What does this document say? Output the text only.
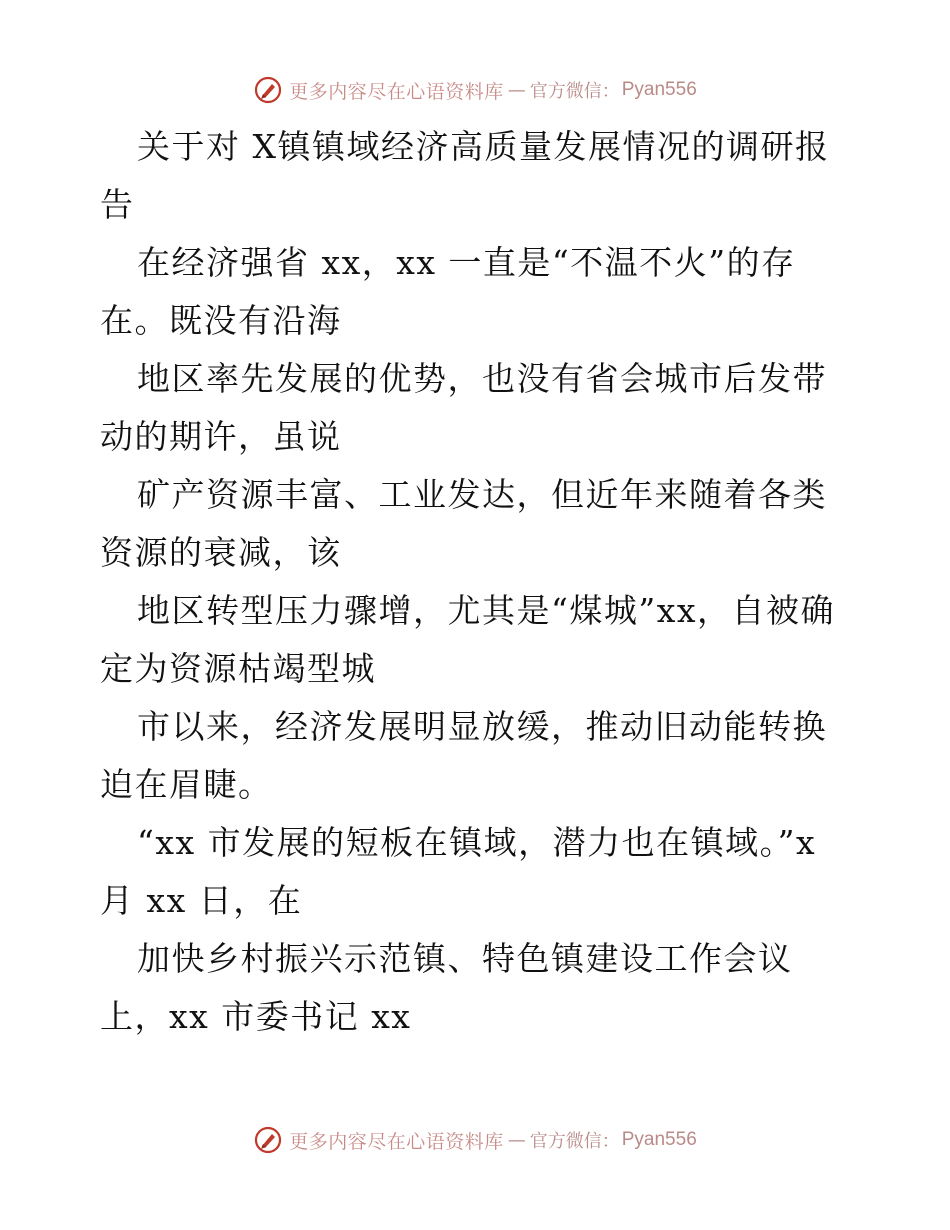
更多内容尽在心语资料库 — 官方微信： Pyan556

关于对 X镇镇域经济高质量发展情况的调研报告

在经济强省 xx，xx 一直是“不温不火”的存在。既没有沿海

地区率先发展的优势，也没有省会城市后发带动的期许，虽说

矿产资源丰富、工业发达，但近年来随着各类资源的衰减，该

地区转型压力骤增，尤其是“煤城”xx，自被确定为资源枯竭型城

市以来，经济发展明显放缓，推动旧动能转换迫在眉睫。

“xx 市发展的短板在镇域，潜力也在镇域。”x 月 xx 日，在

加快乡村振兴示范镇、特色镇建设工作会议上，xx 市委书记 xx

更多内容尽在心语资料库 — 官方微信： Pyan556
